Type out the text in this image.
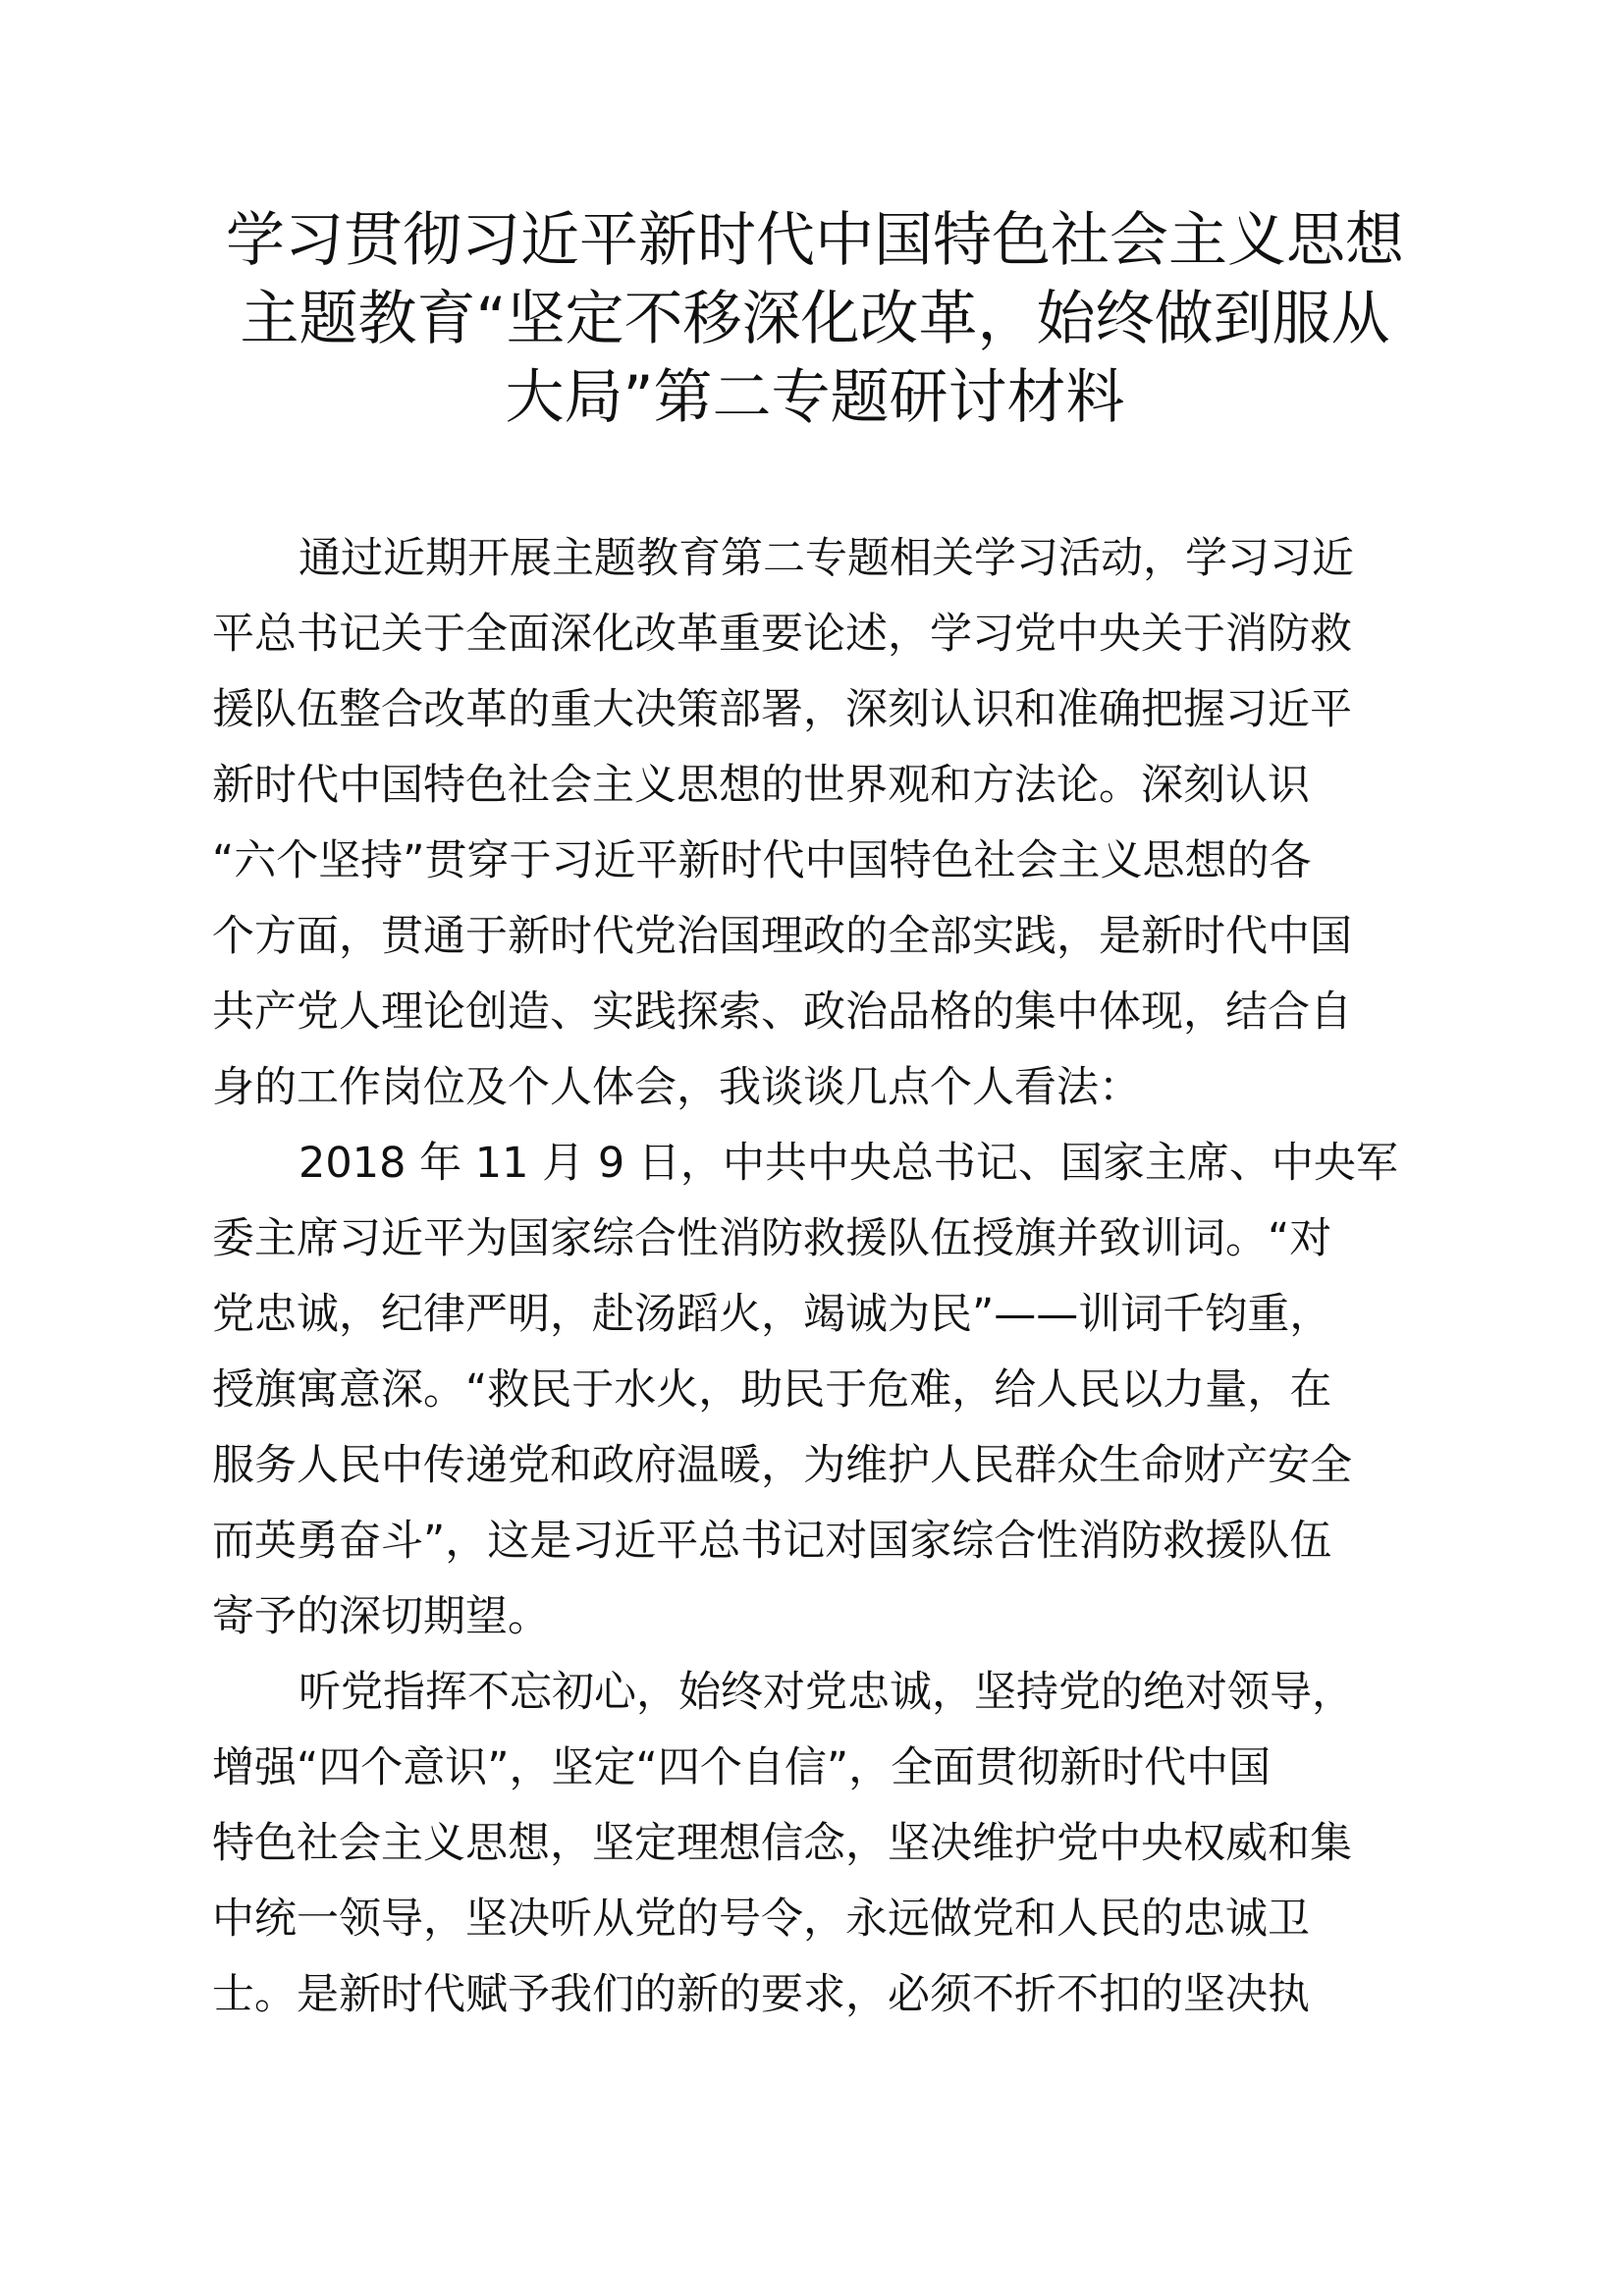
学习贯彻习近平新时代中国特色社会主义思想
主题教育“坚定不移深化改革，始终做到服从
大局”第二专题研讨材料
通过近期开展主题教育第二专题相关学习活动，学习习近
平总书记关于全面深化改革重要论述，学习党中央关于消防救
援队伍整合改革的重大决策部署，深刻认识和准确把握习近平
新时代中国特色社会主义思想的世界观和方法论。深刻认识
“六个坚持”贯穿于习近平新时代中国特色社会主义思想的各
个方面，贯通于新时代党治国理政的全部实践，是新时代中国
共产党人理论创造、实践探索、政治品格的集中体现，结合自
身的工作岗位及个人体会，我谈谈几点个人看法：
2018 年 11 月 9 日，中共中央总书记、国家主席、中央军
委主席习近平为国家综合性消防救援队伍授旗并致训词。“对
党忠诚，纪律严明，赴汤蹈火，竭诚为民”——训词千钧重，
授旗寓意深。“救民于水火，助民于危难，给人民以力量，在
服务人民中传递党和政府温暖，为维护人民群众生命财产安全
而英勇奋斗”，这是习近平总书记对国家综合性消防救援队伍
寄予的深切期望。
听党指挥不忘初心，始终对党忠诚，坚持党的绝对领导，
增强“四个意识”，坚定“四个自信”，全面贯彻新时代中国
特色社会主义思想，坚定理想信念，坚决维护党中央权威和集
中统一领导，坚决听从党的号令，永远做党和人民的忠诚卫
士。是新时代赋予我们的新的要求，必须不折不扣的坚决执
